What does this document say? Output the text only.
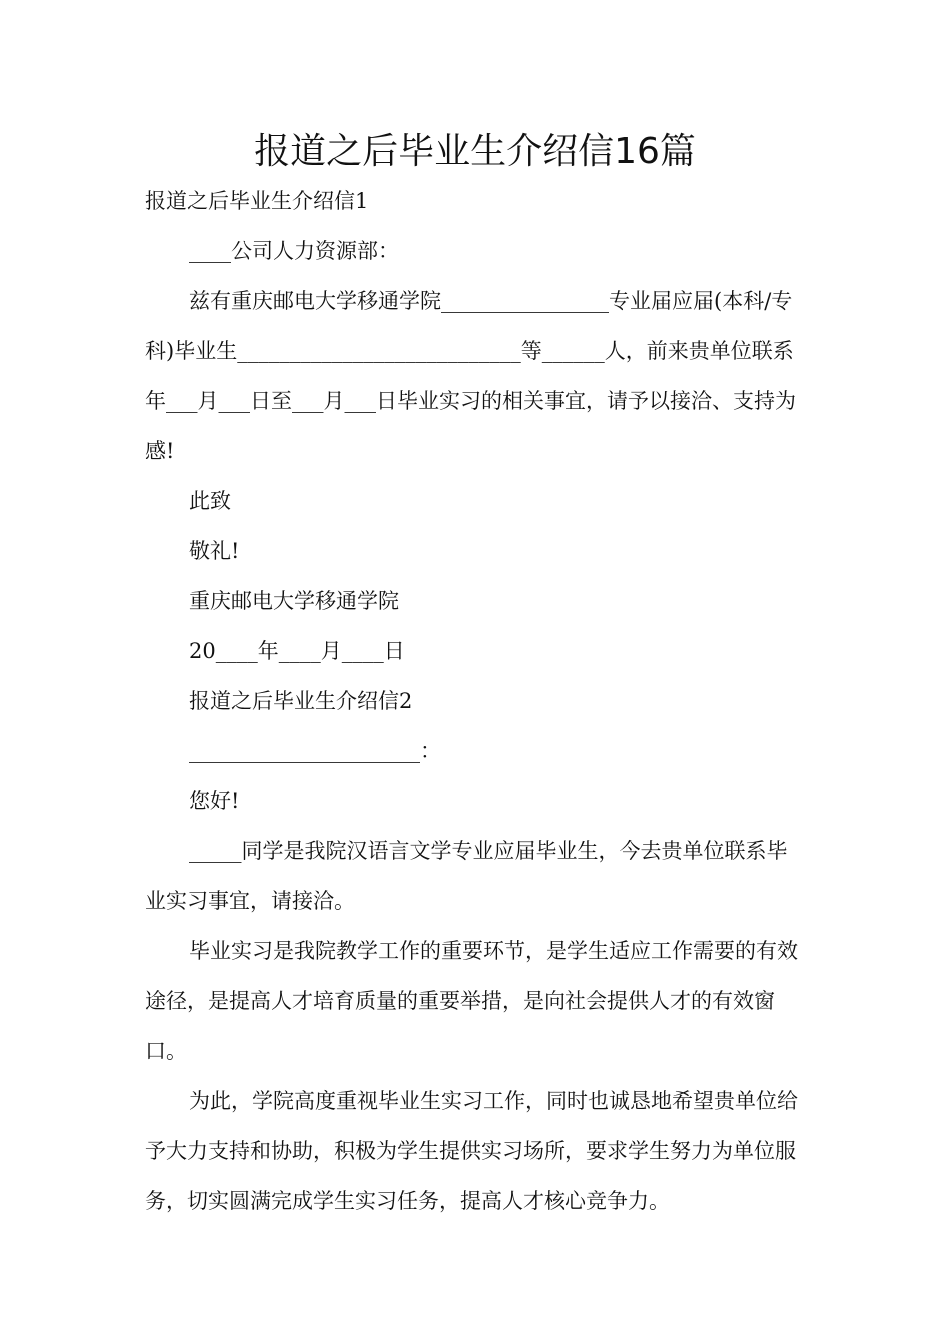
报道之后毕业生介绍信16篇

报道之后毕业生介绍信1

____公司人力资源部：

兹有重庆邮电大学移通学院________________专业届应届(本科/专科)毕业生___________________________等______人，前来贵单位联系年___月___日至___月___日毕业实习的相关事宜，请予以接洽、支持为感!

此致

敬礼!

重庆邮电大学移通学院

20____年____月____日

报道之后毕业生介绍信2

______________________：

您好!

_____同学是我院汉语言文学专业应届毕业生，今去贵单位联系毕业实习事宜，请接洽。

毕业实习是我院教学工作的重要环节，是学生适应工作需要的有效途径，是提高人才培育质量的重要举措，是向社会提供人才的有效窗口。

为此，学院高度重视毕业生实习工作，同时也诚恳地希望贵单位给予大力支持和协助，积极为学生提供实习场所，要求学生努力为单位服务，切实圆满完成学生实习任务，提高人才核心竞争力。
